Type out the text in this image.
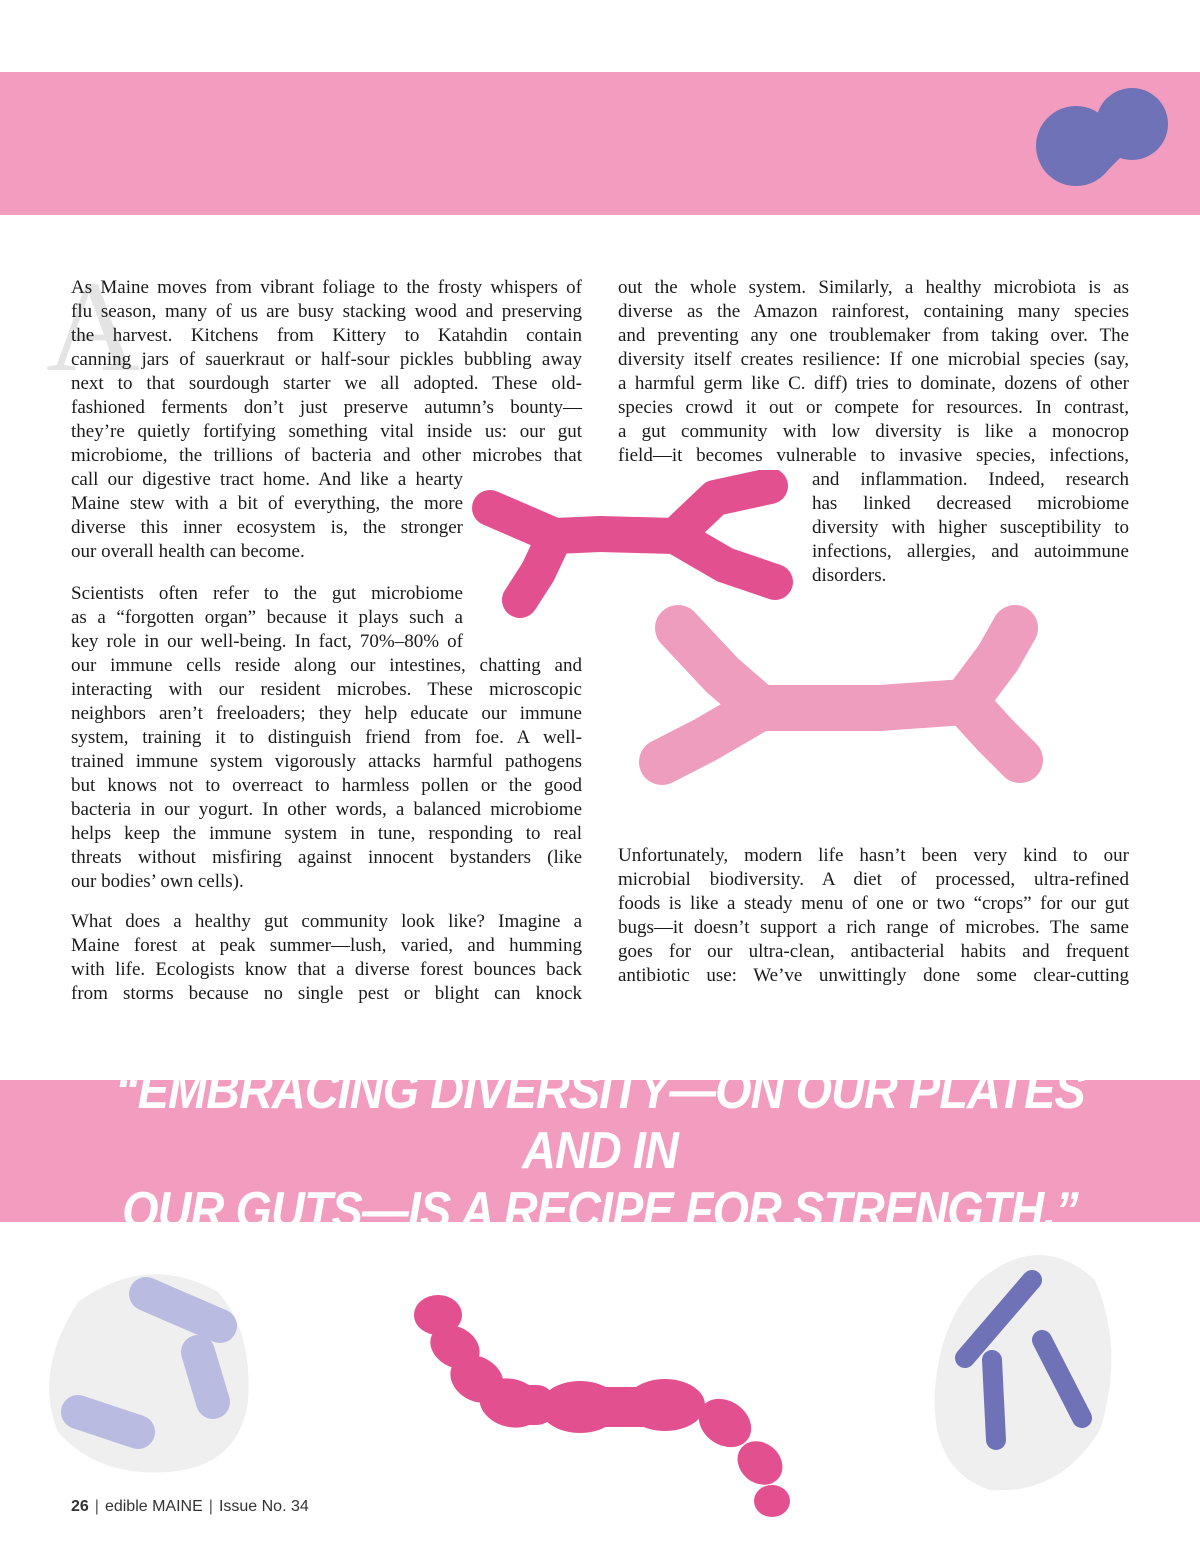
A
As Maine moves from vibrant foliage to the frosty whispers of
flu season, many of us are busy stacking wood and preserving
the harvest. Kitchens from Kittery to Katahdin contain
canning jars of sauerkraut or half-sour pickles bubbling away
next to that sourdough starter we all adopted. These old-
fashioned ferments don’t just preserve autumn’s bounty—
they’re quietly fortifying something vital inside us: our gut
microbiome, the trillions of bacteria and other microbes that
call our digestive tract home. And like a hearty
Maine stew with a bit of everything, the more
diverse this inner ecosystem is, the stronger
our overall health can become.
Scientists often refer to the gut microbiome
as a “forgotten organ” because it plays such a
key role in our well-being. In fact, 70%–80% of
our immune cells reside along our intestines, chatting and
interacting with our resident microbes. These microscopic
neighbors aren’t freeloaders; they help educate our immune
system, training it to distinguish friend from foe. A well-
trained immune system vigorously attacks harmful pathogens
but knows not to overreact to harmless pollen or the good
bacteria in our yogurt. In other words, a balanced microbiome
helps keep the immune system in tune, responding to real
threats without misfiring against innocent bystanders (like
our bodies’ own cells).
What does a healthy gut community look like? Imagine a
Maine forest at peak summer—lush, varied, and humming
with life. Ecologists know that a diverse forest bounces back
from storms because no single pest or blight can knock
out the whole system. Similarly, a healthy microbiota is as
diverse as the Amazon rainforest, containing many species
and preventing any one troublemaker from taking over. The
diversity itself creates resilience: If one microbial species (say,
a harmful germ like C. diff) tries to dominate, dozens of other
species crowd it out or compete for resources. In contrast,
a gut community with low diversity is like a monocrop
field—it becomes vulnerable to invasive species, infections,
and inflammation. Indeed, research
has linked decreased microbiome
diversity with higher susceptibility to
infections, allergies, and autoimmune
disorders.
Unfortunately, modern life hasn’t been very kind to our
microbial biodiversity. A diet of processed, ultra-refined
foods is like a steady menu of one or two “crops” for our gut
bugs—it doesn’t support a rich range of microbes. The same
goes for our ultra-clean, antibacterial habits and frequent
antibiotic use: We’ve unwittingly done some clear-cutting

“EMBRACING DIVERSITY—ON OUR PLATES AND IN
OUR GUTS—IS A RECIPE FOR STRENGTH.”

26 | edible MAINE | Issue No. 34
